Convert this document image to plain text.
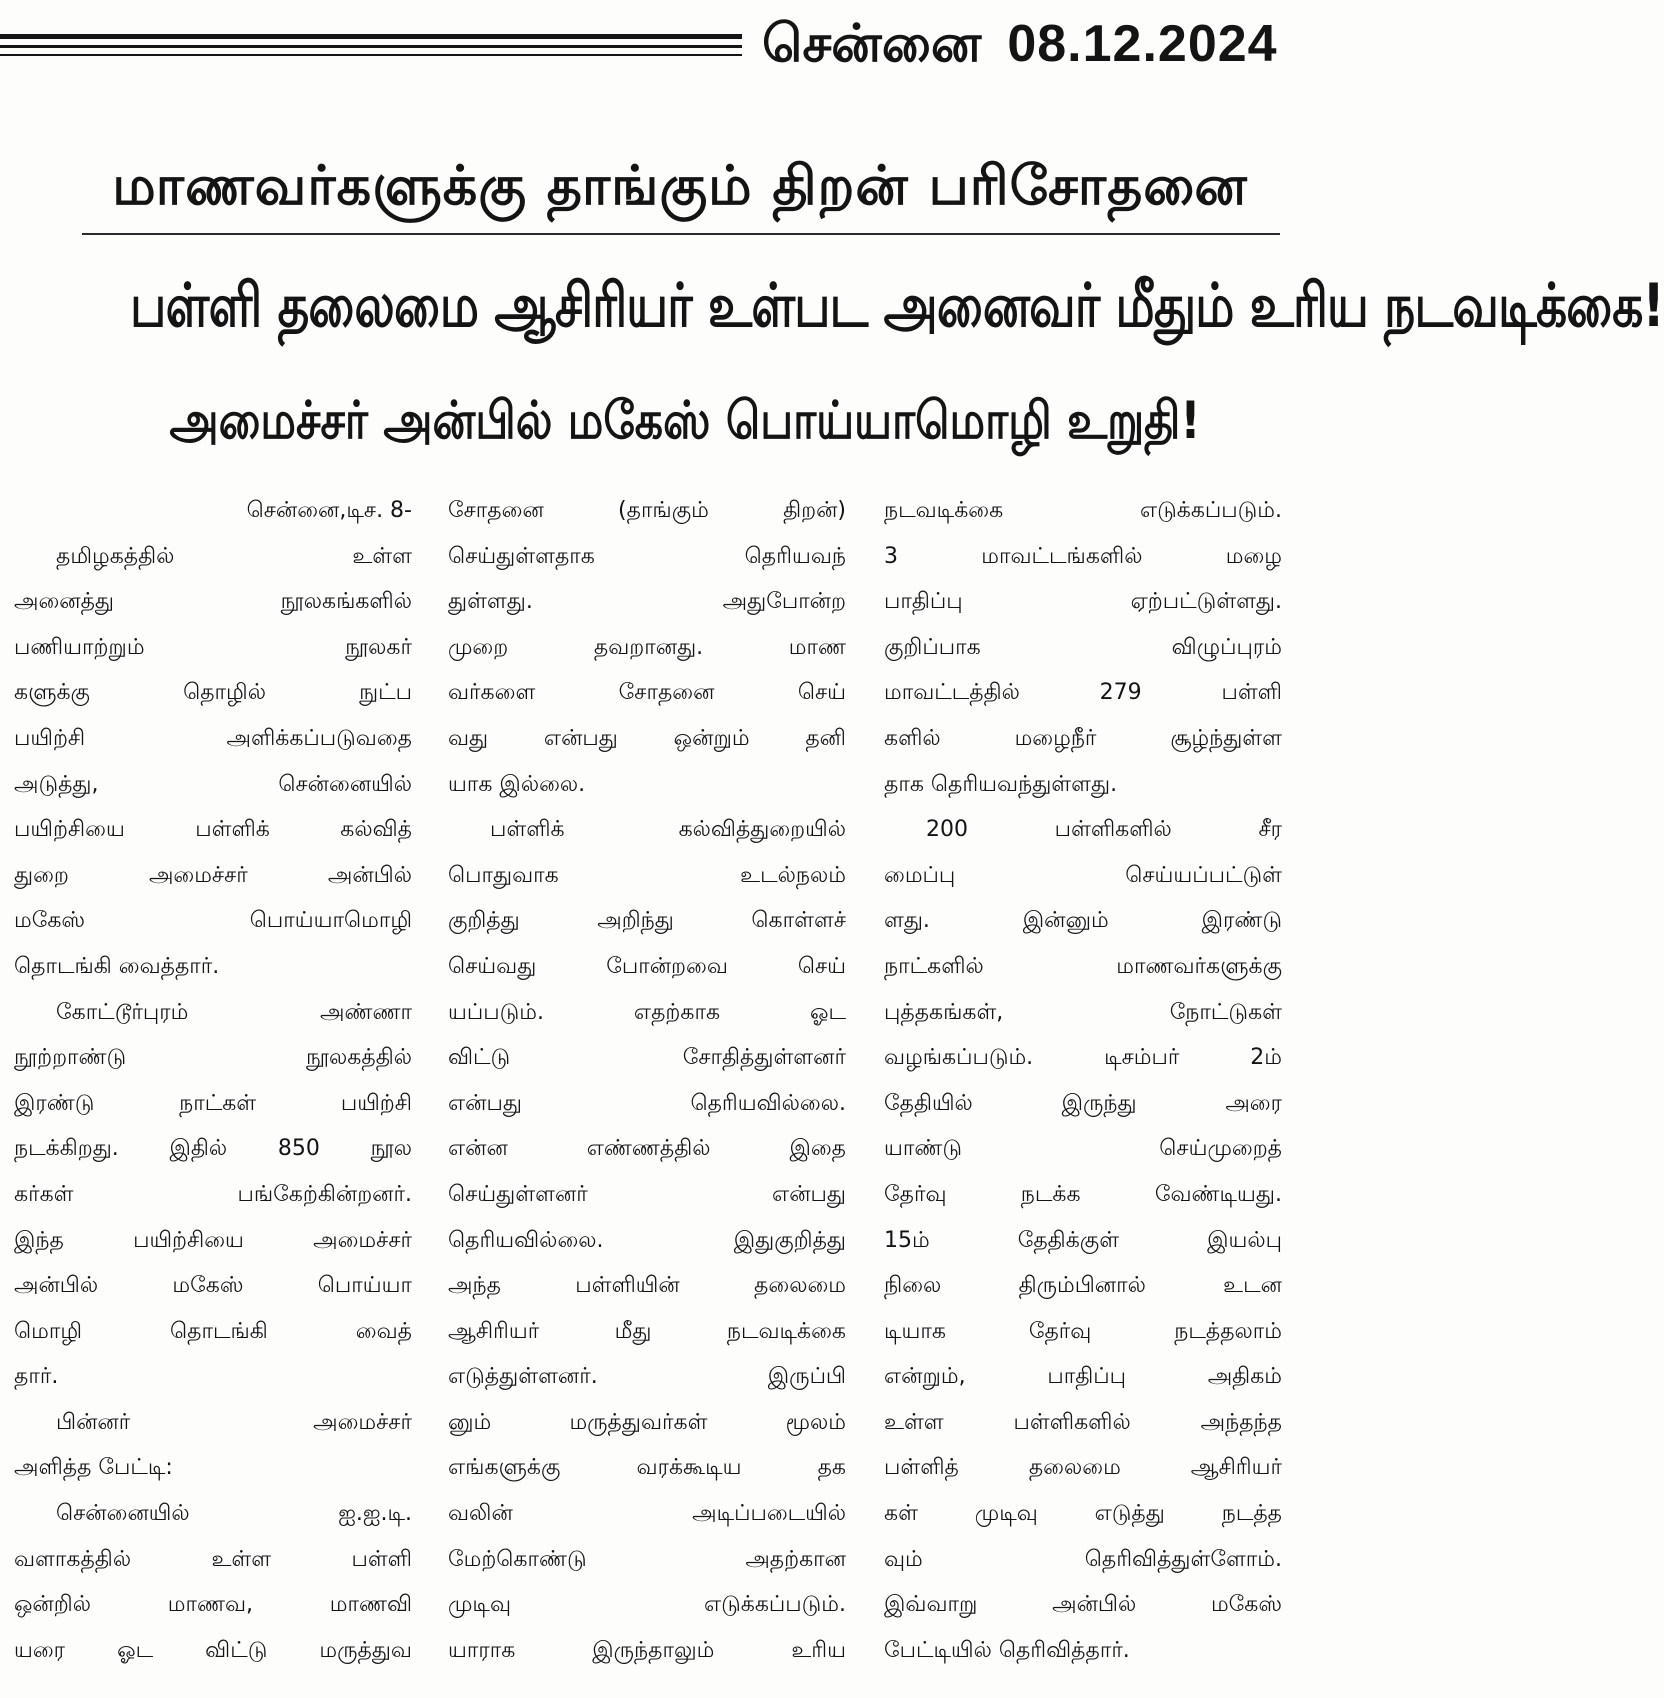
சென்னை 08.12.2024
மாணவர்களுக்கு தாங்கும் திறன் பரிசோதனை
பள்ளி தலைமை ஆசிரியர் உள்பட அனைவர் மீதும் உரிய நடவடிக்கை!
அமைச்சர் அன்பில் மகேஸ் பொய்யாமொழி உறுதி!
சென்னை,டிச. 8-
தமிழகத்தில் உள்ள
அனைத்து நூலகங்களில்
பணியாற்றும் நூலகர்
களுக்கு தொழில் நுட்ப
பயிற்சி அளிக்கப்படுவதை
அடுத்து, சென்னையில்
பயிற்சியை பள்ளிக் கல்வித்
துறை அமைச்சர் அன்பில்
மகேஸ் பொய்யாமொழி
தொடங்கி வைத்தார்.
கோட்டூர்புரம் அண்ணா
நூற்றாண்டு நூலகத்தில்
இரண்டு நாட்கள் பயிற்சி
நடக்கிறது. இதில் 850 நூல
கர்கள் பங்கேற்கின்றனர்.
இந்த பயிற்சியை அமைச்சர்
அன்பில் மகேஸ் பொய்யா
மொழி தொடங்கி வைத்
தார்.
பின்னர் அமைச்சர்
அளித்த பேட்டி:
சென்னையில் ஐ.ஐ.டி.
வளாகத்தில் உள்ள பள்ளி
ஒன்றில் மாணவ, மாணவி
யரை ஓட விட்டு மருத்துவ
சோதனை (தாங்கும் திறன்)
செய்துள்ளதாக தெரியவந்
துள்ளது. அதுபோன்ற
முறை தவறானது. மாண
வர்களை சோதனை செய்
வது என்பது ஒன்றும் தனி
யாக இல்லை.
பள்ளிக் கல்வித்துறையில்
பொதுவாக உடல்நலம்
குறித்து அறிந்து கொள்ளச்
செய்வது போன்றவை செய்
யப்படும். எதற்காக ஓட
விட்டு சோதித்துள்ளனர்
என்பது தெரியவில்லை.
என்ன எண்ணத்தில் இதை
செய்துள்ளனர் என்பது
தெரியவில்லை. இதுகுறித்து
அந்த பள்ளியின் தலைமை
ஆசிரியர் மீது நடவடிக்கை
எடுத்துள்ளனர். இருப்பி
னும் மருத்துவர்கள் மூலம்
எங்களுக்கு வரக்கூடிய தக
வலின் அடிப்படையில்
மேற்கொண்டு அதற்கான
முடிவு எடுக்கப்படும்.
யாராக இருந்தாலும் உரிய
நடவடிக்கை எடுக்கப்படும்.
3 மாவட்டங்களில் மழை
பாதிப்பு ஏற்பட்டுள்ளது.
குறிப்பாக விழுப்புரம்
மாவட்டத்தில் 279 பள்ளி
களில் மழைநீர் சூழ்ந்துள்ள
தாக தெரியவந்துள்ளது.
200 பள்ளிகளில் சீர
மைப்பு செய்யப்பட்டுள்
ளது. இன்னும் இரண்டு
நாட்களில் மாணவர்களுக்கு
புத்தகங்கள், நோட்டுகள்
வழங்கப்படும். டிசம்பர் 2ம்
தேதியில் இருந்து அரை
யாண்டு செய்முறைத்
தேர்வு நடக்க வேண்டியது.
15ம் தேதிக்குள் இயல்பு
நிலை திரும்பினால் உடன
டியாக தேர்வு நடத்தலாம்
என்றும், பாதிப்பு அதிகம்
உள்ள பள்ளிகளில் அந்தந்த
பள்ளித் தலைமை ஆசிரியர்
கள் முடிவு எடுத்து நடத்த
வும் தெரிவித்துள்ளோம்.
இவ்வாறு அன்பில் மகேஸ்
பேட்டியில் தெரிவித்தார்.
